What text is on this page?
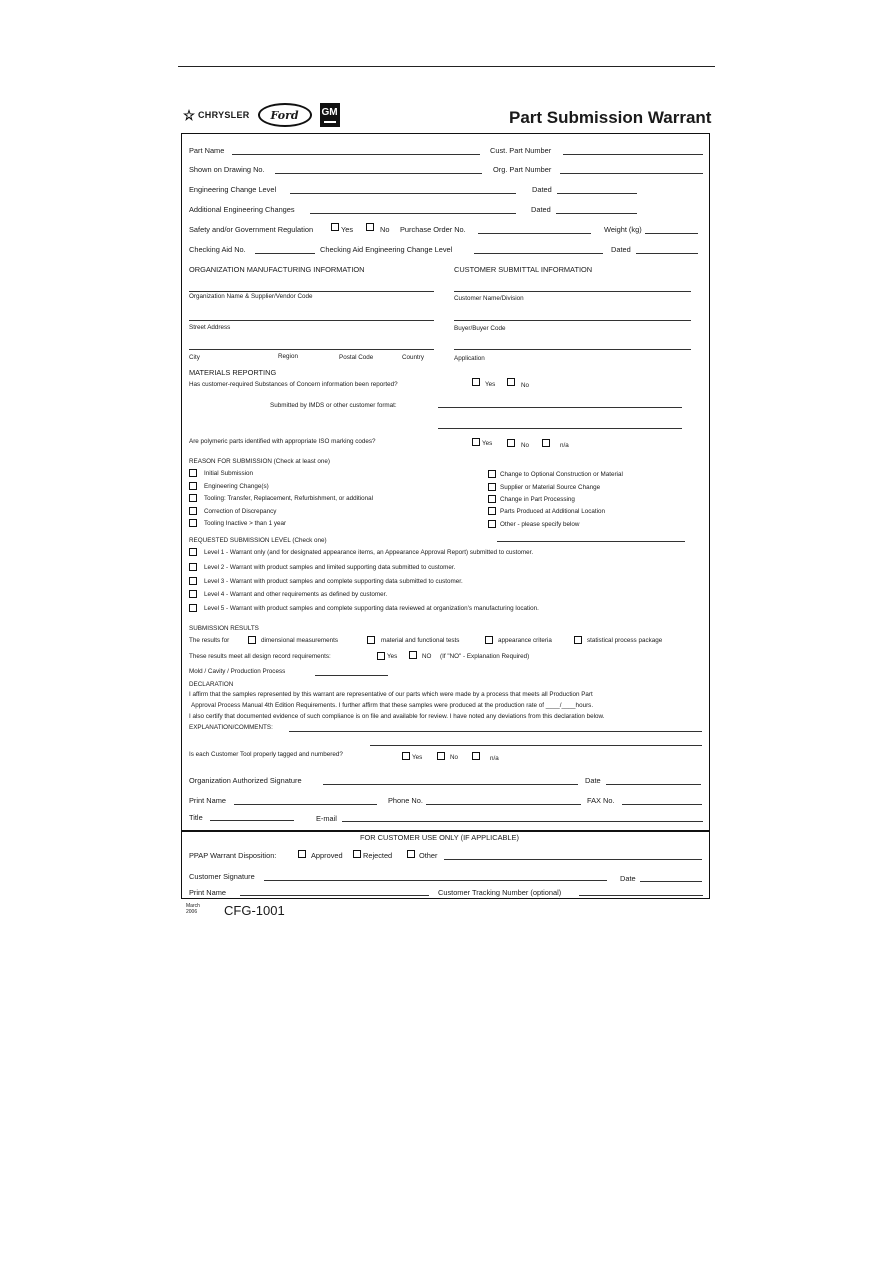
CHRYSLER Ford GM	Part Submission Warrant
Part Name	Cust. Part Number
Shown on Drawing No.	Org. Part Number
Engineering Change Level	Dated
Additional Engineering Changes	Dated
Safety and/or Government Regulation	Yes	No Purchase Order No.	Weight (kg)
Checking Aid No.	Checking Aid Engineering Change Level	Dated
ORGANIZATION MANUFACTURING INFORMATION	CUSTOMER SUBMITTAL INFORMATION
Organization Name & Supplier/Vendor Code	Customer Name/Division
Street Address	Buyer/Buyer Code
City	Region	Postal Code	Country	Application
MATERIALS REPORTING
Has customer-required Substances of Concern information been reported?	Yes	No
Submitted by IMDS or other customer format:
Are polymeric parts identified with appropriate ISO marking codes?	Yes	No	n/a
REASON FOR SUBMISSION (Check at least one)
Initial Submission
Engineering Change(s)
Tooling: Transfer, Replacement, Refurbishment, or additional
Correction of Discrepancy
Tooling Inactive > than 1 year
Change to Optional Construction or Material
Supplier or Material Source Change
Change in Part Processing
Parts Produced at Additional Location
Other - please specify below
REQUESTED SUBMISSION LEVEL (Check one)
Level 1 - Warrant only (and for designated appearance items, an Appearance Approval Report) submitted to customer.
Level 2 - Warrant with product samples and limited supporting data submitted to customer.
Level 3 - Warrant with product samples and complete supporting data submitted to customer.
Level 4 - Warrant and other requirements as defined by customer.
Level 5 - Warrant with product samples and complete supporting data reviewed at organization's manufacturing location.
SUBMISSION RESULTS
The results for	dimensional measurements	material and functional tests	appearance criteria	statistical process package
These results meet all design record requirements:	Yes	NO (If "NO" - Explanation Required)
Mold / Cavity / Production Process
DECLARATION
I affirm that the samples represented by this warrant are representative of our parts which were made by a process that meets all Production Part
Approval Process Manual 4th Edition Requirements. I further affirm that these samples were produced at the production rate of ____/____hours.
I also certify that documented evidence of such compliance is on file and available for review. I have noted any deviations from this declaration below.
EXPLANATION/COMMENTS:
Is each Customer Tool properly tagged and numbered?	Yes	No	n/a
Organization Authorized Signature	Date
Print Name	Phone No.	FAX No.
Title	E-mail
FOR CUSTOMER USE ONLY (IF APPLICABLE)
PPAP Warrant Disposition:	Approved	Rejected	Other
Customer Signature	Date
Print Name	Customer Tracking Number (optional)
March 2006	CFG-1001
